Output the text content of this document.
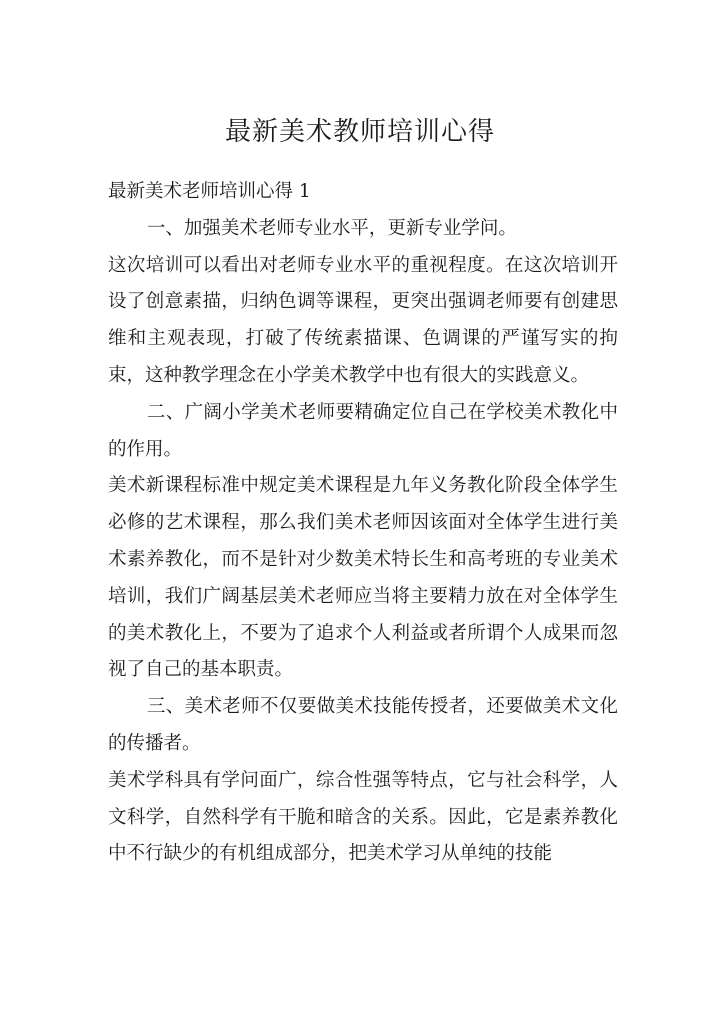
最新美术教师培训心得

最新美术老师培训心得 1

一、加强美术老师专业水平，更新专业学问。

这次培训可以看出对老师专业水平的重视程度。在这次培训开设了创意素描，归纳色调等课程，更突出强调老师要有创建思维和主观表现，打破了传统素描课、色调课的严谨写实的拘束，这种教学理念在小学美术教学中也有很大的实践意义。

二、广阔小学美术老师要精确定位自己在学校美术教化中的作用。

美术新课程标准中规定美术课程是九年义务教化阶段全体学生必修的艺术课程，那么我们美术老师因该面对全体学生进行美术素养教化，而不是针对少数美术特长生和高考班的专业美术培训，我们广阔基层美术老师应当将主要精力放在对全体学生的美术教化上，不要为了追求个人利益或者所谓个人成果而忽视了自己的基本职责。

三、美术老师不仅要做美术技能传授者，还要做美术文化的传播者。

美术学科具有学问面广，综合性强等特点，它与社会科学，人文科学，自然科学有干脆和暗含的关系。因此，它是素养教化中不行缺少的有机组成部分，把美术学习从单纯的技能
